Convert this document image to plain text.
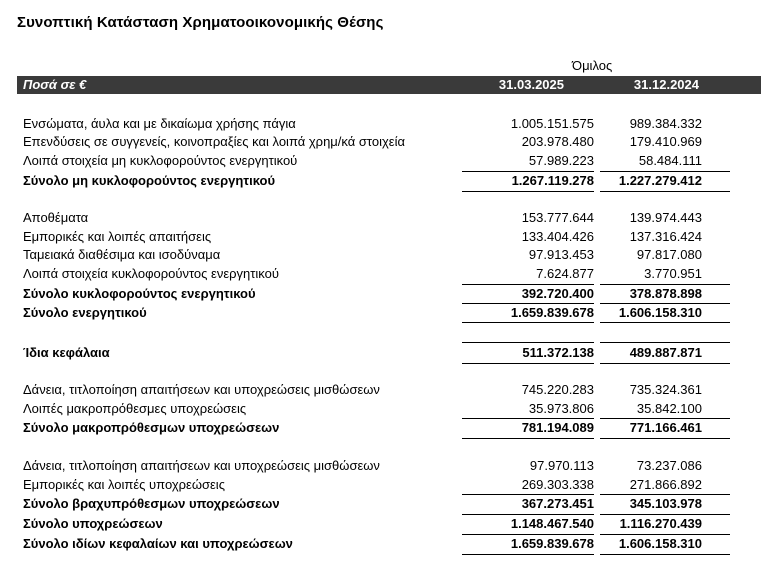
Συνοπτική Κατάσταση Χρηματοοικονομικής Θέσης
Όμιλος
Ποσά σε €	31.03.2025	31.12.2024
Ενσώματα, άυλα και με δικαίωμα χρήσης πάγια	1.005.151.575	989.384.332
Επενδύσεις σε συγγενείς, κοινοπραξίες και λοιπά χρημ/κά στοιχεία	203.978.480	179.410.969
Λοιπά στοιχεία μη κυκλοφορούντος ενεργητικού	57.989.223	58.484.111
Σύνολο μη κυκλοφορούντος ενεργητικού	1.267.119.278 1.227.279.412
Αποθέματα	153.777.644	139.974.443
Εμπορικές και λοιπές απαιτήσεις	133.404.426	137.316.424
Ταμειακά διαθέσιμα και ισοδύναμα	97.913.453	97.817.080
Λοιπά στοιχεία κυκλοφορούντος ενεργητικού	7.624.877	3.770.951
Σύνολο κυκλοφορούντος ενεργητικού	392.720.400	378.878.898
Σύνολο ενεργητικού	1.659.839.678 1.606.158.310
Ίδια κεφάλαια	511.372.138	489.887.871
Δάνεια, τιτλοποίηση απαιτήσεων και υποχρεώσεις μισθώσεων	745.220.283	735.324.361
Λοιπές μακροπρόθεσμες υποχρεώσεις	35.973.806	35.842.100
Σύνολο μακροπρόθεσμων υποχρεώσεων	781.194.089	771.166.461
Δάνεια, τιτλοποίηση απαιτήσεων και υποχρεώσεις μισθώσεων	97.970.113	73.237.086
Εμπορικές και λοιπές υποχρεώσεις	269.303.338	271.866.892
Σύνολο βραχυπρόθεσμων υποχρεώσεων	367.273.451	345.103.978
Σύνολο υποχρεώσεων	1.148.467.540 1.116.270.439
Σύνολο ιδίων κεφαλαίων και υποχρεώσεων	1.659.839.678 1.606.158.310
